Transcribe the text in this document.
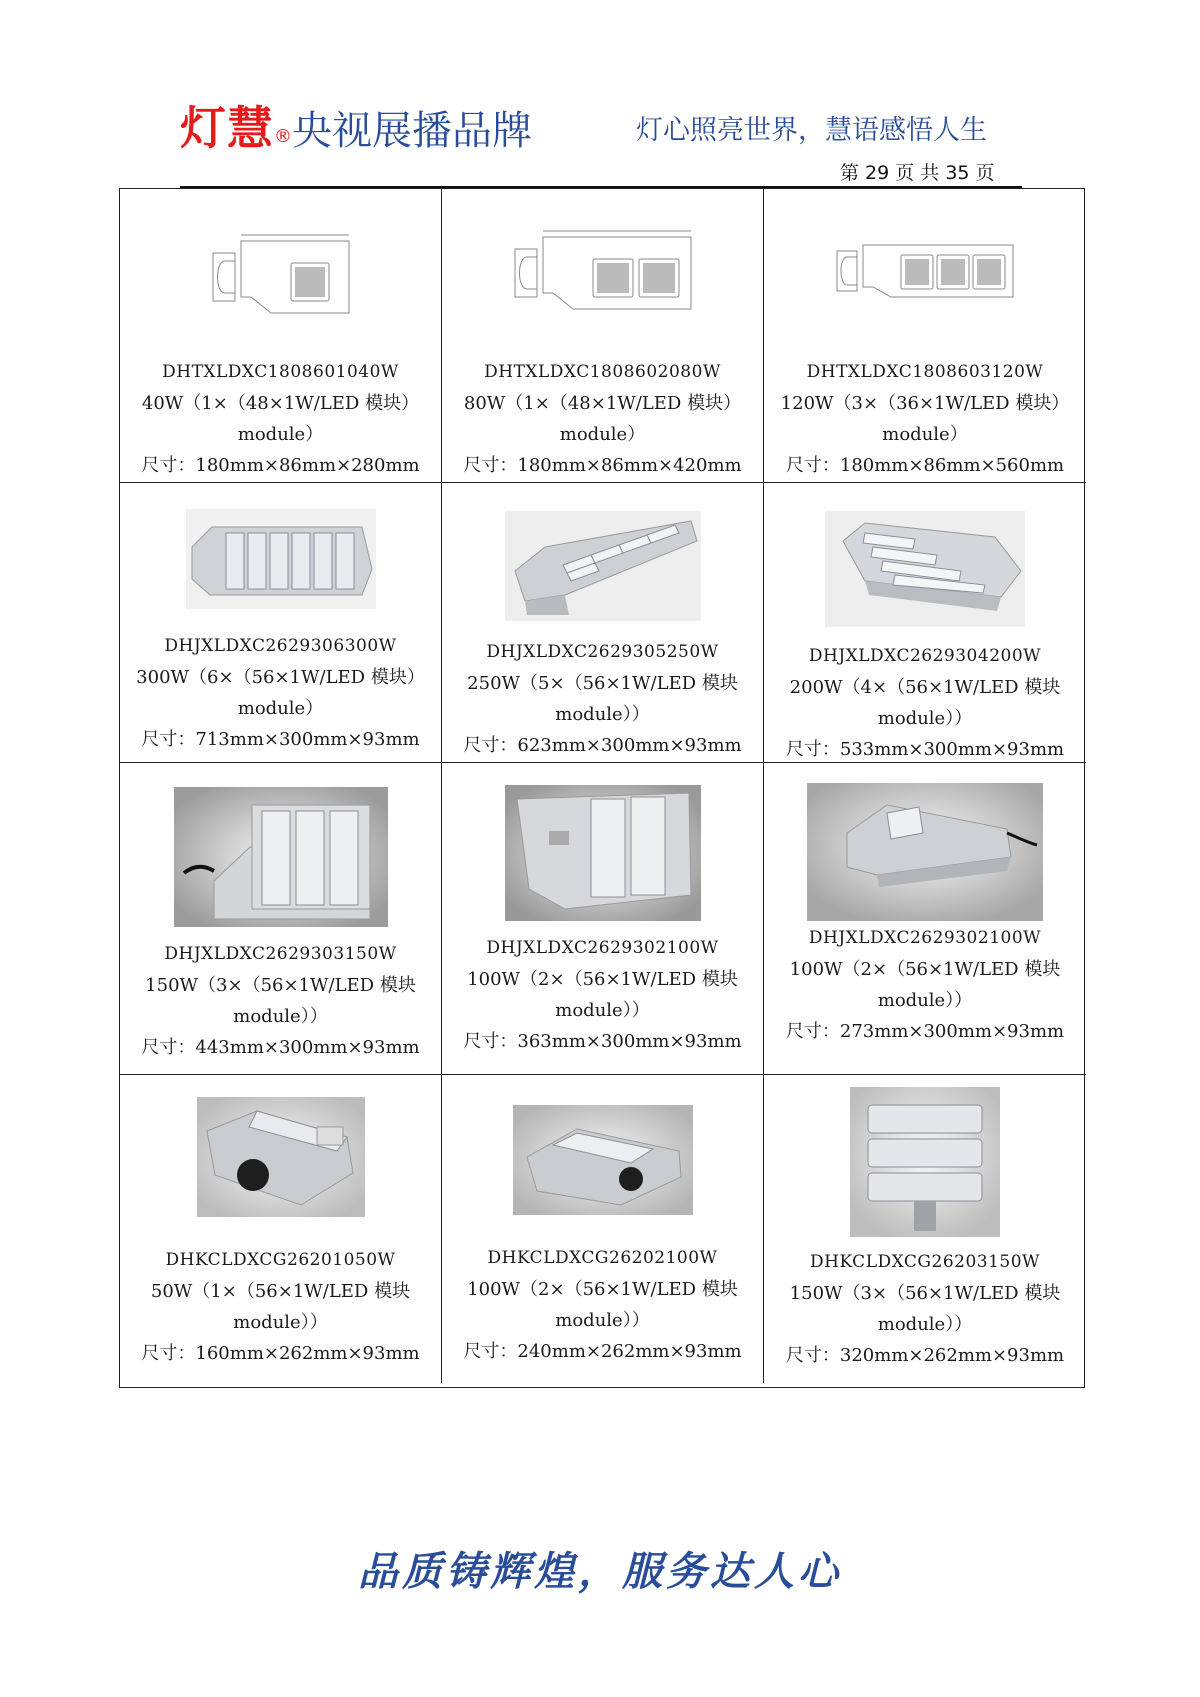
灯慧®央视展播品牌	灯心照亮世界，慧语感悟人生
第 29 页 共 35 页
DHTXLDXC1808601040W
40W（1×（48×1W/LED 模块）
module）
尺寸：180mm×86mm×280mm
DHTXLDXC1808602080W
80W（1×（48×1W/LED 模块）
module）
尺寸：180mm×86mm×420mm
DHTXLDXC1808603120W
120W（3×（36×1W/LED 模块）
module）
尺寸：180mm×86mm×560mm
DHJXLDXC2629306300W
300W（6×（56×1W/LED 模块）
module）
尺寸：713mm×300mm×93mm
DHJXLDXC2629305250W
250W（5×（56×1W/LED 模块
module））
尺寸：623mm×300mm×93mm
DHJXLDXC2629304200W
200W（4×（56×1W/LED 模块
module））
尺寸：533mm×300mm×93mm
DHJXLDXC2629303150W
150W（3×（56×1W/LED 模块
module））
尺寸：443mm×300mm×93mm
DHJXLDXC2629302100W
100W（2×（56×1W/LED 模块
module））
尺寸：363mm×300mm×93mm
DHJXLDXC2629302100W
100W（2×（56×1W/LED 模块
module））
尺寸：273mm×300mm×93mm
DHKCLDXCG26201050W
50W（1×（56×1W/LED 模块
module））
尺寸：160mm×262mm×93mm
DHKCLDXCG26202100W
100W（2×（56×1W/LED 模块
module））
尺寸：240mm×262mm×93mm
DHKCLDXCG26203150W
150W（3×（56×1W/LED 模块
module））
尺寸：320mm×262mm×93mm
品质铸辉煌，服务达人心
